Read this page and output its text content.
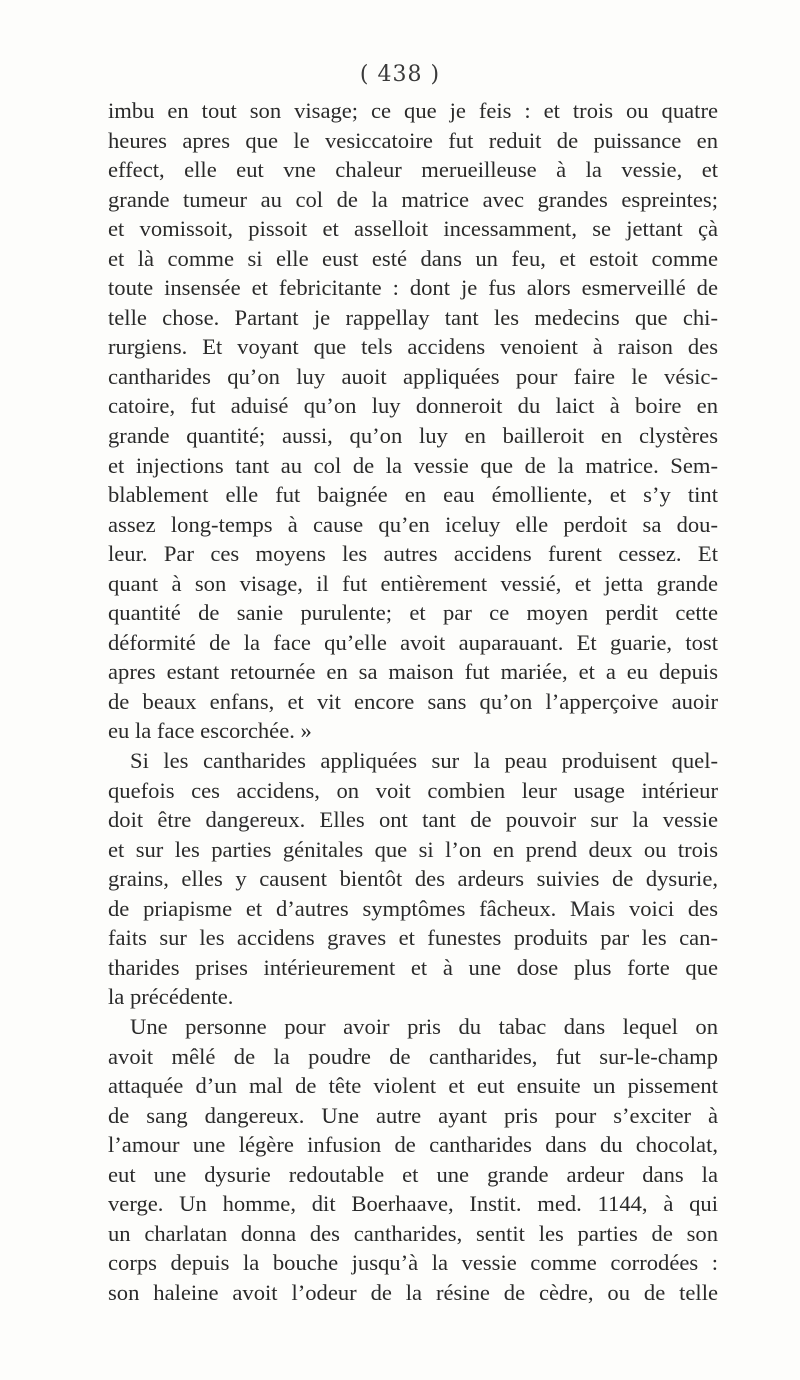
( 438 )
imbu en tout son visage; ce que je feis : et trois ou quatre
heures apres que le vesiccatoire fut reduit de puissance en
effect, elle eut vne chaleur merueilleuse à la vessie, et
grande tumeur au col de la matrice avec grandes espreintes;
et vomissoit, pissoit et asselloit incessamment, se jettant çà
et là comme si elle eust esté dans un feu, et estoit comme
toute insensée et febricitante : dont je fus alors esmerveillé de
telle chose. Partant je rappellay tant les medecins que chi-
rurgiens. Et voyant que tels accidens venoient à raison des
cantharides qu’on luy auoit appliquées pour faire le vésic-
catoire, fut aduisé qu’on luy donneroit du laict à boire en
grande quantité; aussi, qu’on luy en bailleroit en clystères
et injections tant au col de la vessie que de la matrice. Sem-
blablement elle fut baignée en eau émolliente, et s’y tint
assez long-temps à cause qu’en iceluy elle perdoit sa dou-
leur. Par ces moyens les autres accidens furent cessez. Et
quant à son visage, il fut entièrement vessié, et jetta grande
quantité de sanie purulente; et par ce moyen perdit cette
déformité de la face qu’elle avoit auparauant. Et guarie, tost
apres estant retournée en sa maison fut mariée, et a eu depuis
de beaux enfans, et vit encore sans qu’on l’apperçoive auoir
eu la face escorchée. »
Si les cantharides appliquées sur la peau produisent quel-
quefois ces accidens, on voit combien leur usage intérieur
doit être dangereux. Elles ont tant de pouvoir sur la vessie
et sur les parties génitales que si l’on en prend deux ou trois
grains, elles y causent bientôt des ardeurs suivies de dysurie,
de priapisme et d’autres symptômes fâcheux. Mais voici des
faits sur les accidens graves et funestes produits par les can-
tharides prises intérieurement et à une dose plus forte que
la précédente.
Une personne pour avoir pris du tabac dans lequel on
avoit mêlé de la poudre de cantharides, fut sur-le-champ
attaquée d’un mal de tête violent et eut ensuite un pissement
de sang dangereux. Une autre ayant pris pour s’exciter à
l’amour une légère infusion de cantharides dans du chocolat,
eut une dysurie redoutable et une grande ardeur dans la
verge. Un homme, dit Boerhaave, Instit. med. 1144, à qui
un charlatan donna des cantharides, sentit les parties de son
corps depuis la bouche jusqu’à la vessie comme corrodées :
son haleine avoit l’odeur de la résine de cèdre, ou de telle
